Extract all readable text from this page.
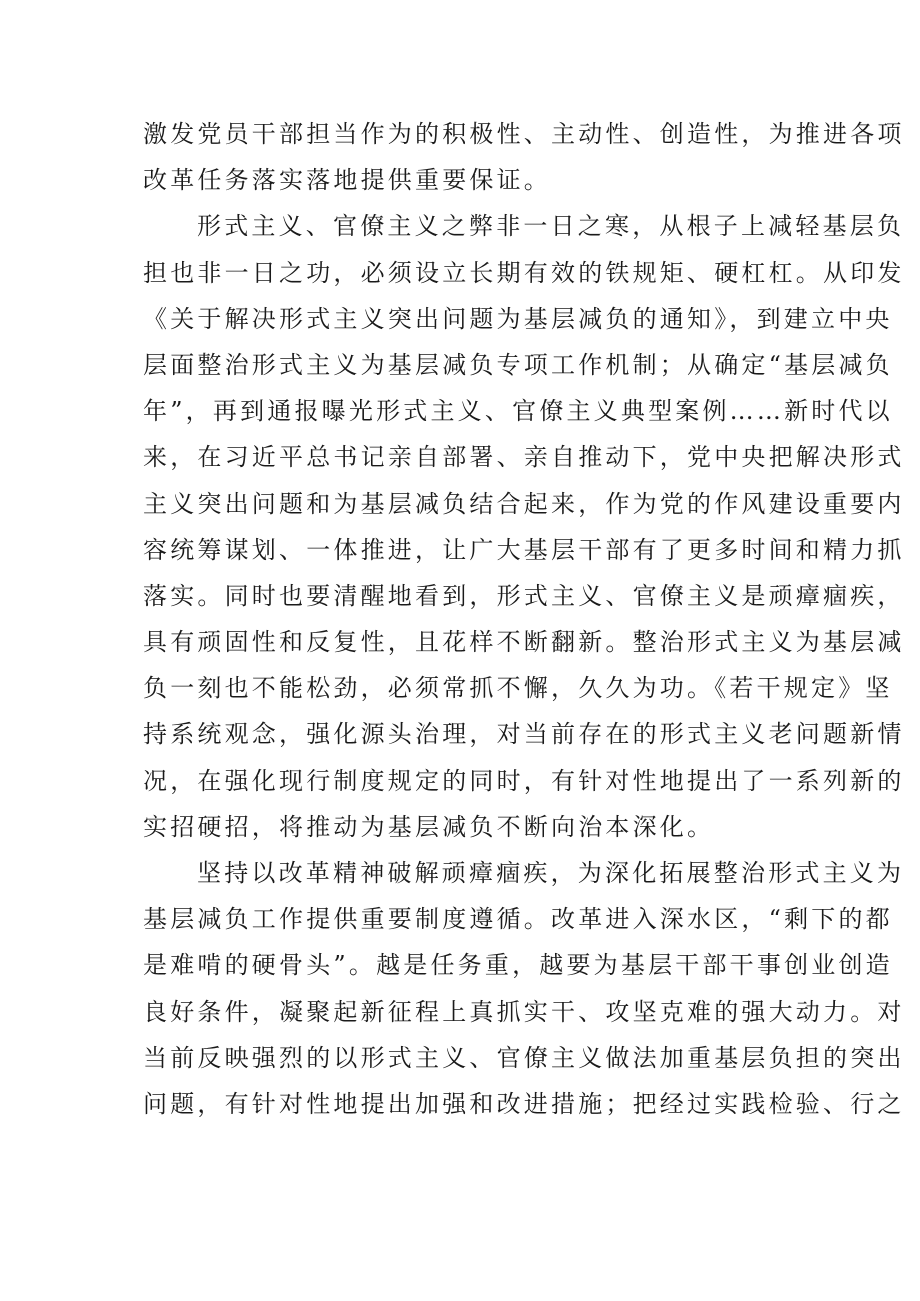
激发党员干部担当作为的积极性、主动性、创造性，为推进各项
改革任务落实落地提供重要保证。
形式主义、官僚主义之弊非一日之寒，从根子上减轻基层负
担也非一日之功，必须设立长期有效的铁规矩、硬杠杠。从印发
《关于解决形式主义突出问题为基层减负的通知》，到建立中央
层面整治形式主义为基层减负专项工作机制；从确定“基层减负
年”，再到通报曝光形式主义、官僚主义典型案例……新时代以
来，在习近平总书记亲自部署、亲自推动下，党中央把解决形式
主义突出问题和为基层减负结合起来，作为党的作风建设重要内
容统筹谋划、一体推进，让广大基层干部有了更多时间和精力抓
落实。同时也要清醒地看到，形式主义、官僚主义是顽瘴痼疾，
具有顽固性和反复性，且花样不断翻新。整治形式主义为基层减
负一刻也不能松劲，必须常抓不懈，久久为功。《若干规定》坚
持系统观念，强化源头治理，对当前存在的形式主义老问题新情
况，在强化现行制度规定的同时，有针对性地提出了一系列新的
实招硬招，将推动为基层减负不断向治本深化。
坚持以改革精神破解顽瘴痼疾，为深化拓展整治形式主义为
基层减负工作提供重要制度遵循。改革进入深水区，“剩下的都
是难啃的硬骨头”。越是任务重，越要为基层干部干事创业创造
良好条件，凝聚起新征程上真抓实干、攻坚克难的强大动力。对
当前反映强烈的以形式主义、官僚主义做法加重基层负担的突出
问题，有针对性地提出加强和改进措施；把经过实践检验、行之
